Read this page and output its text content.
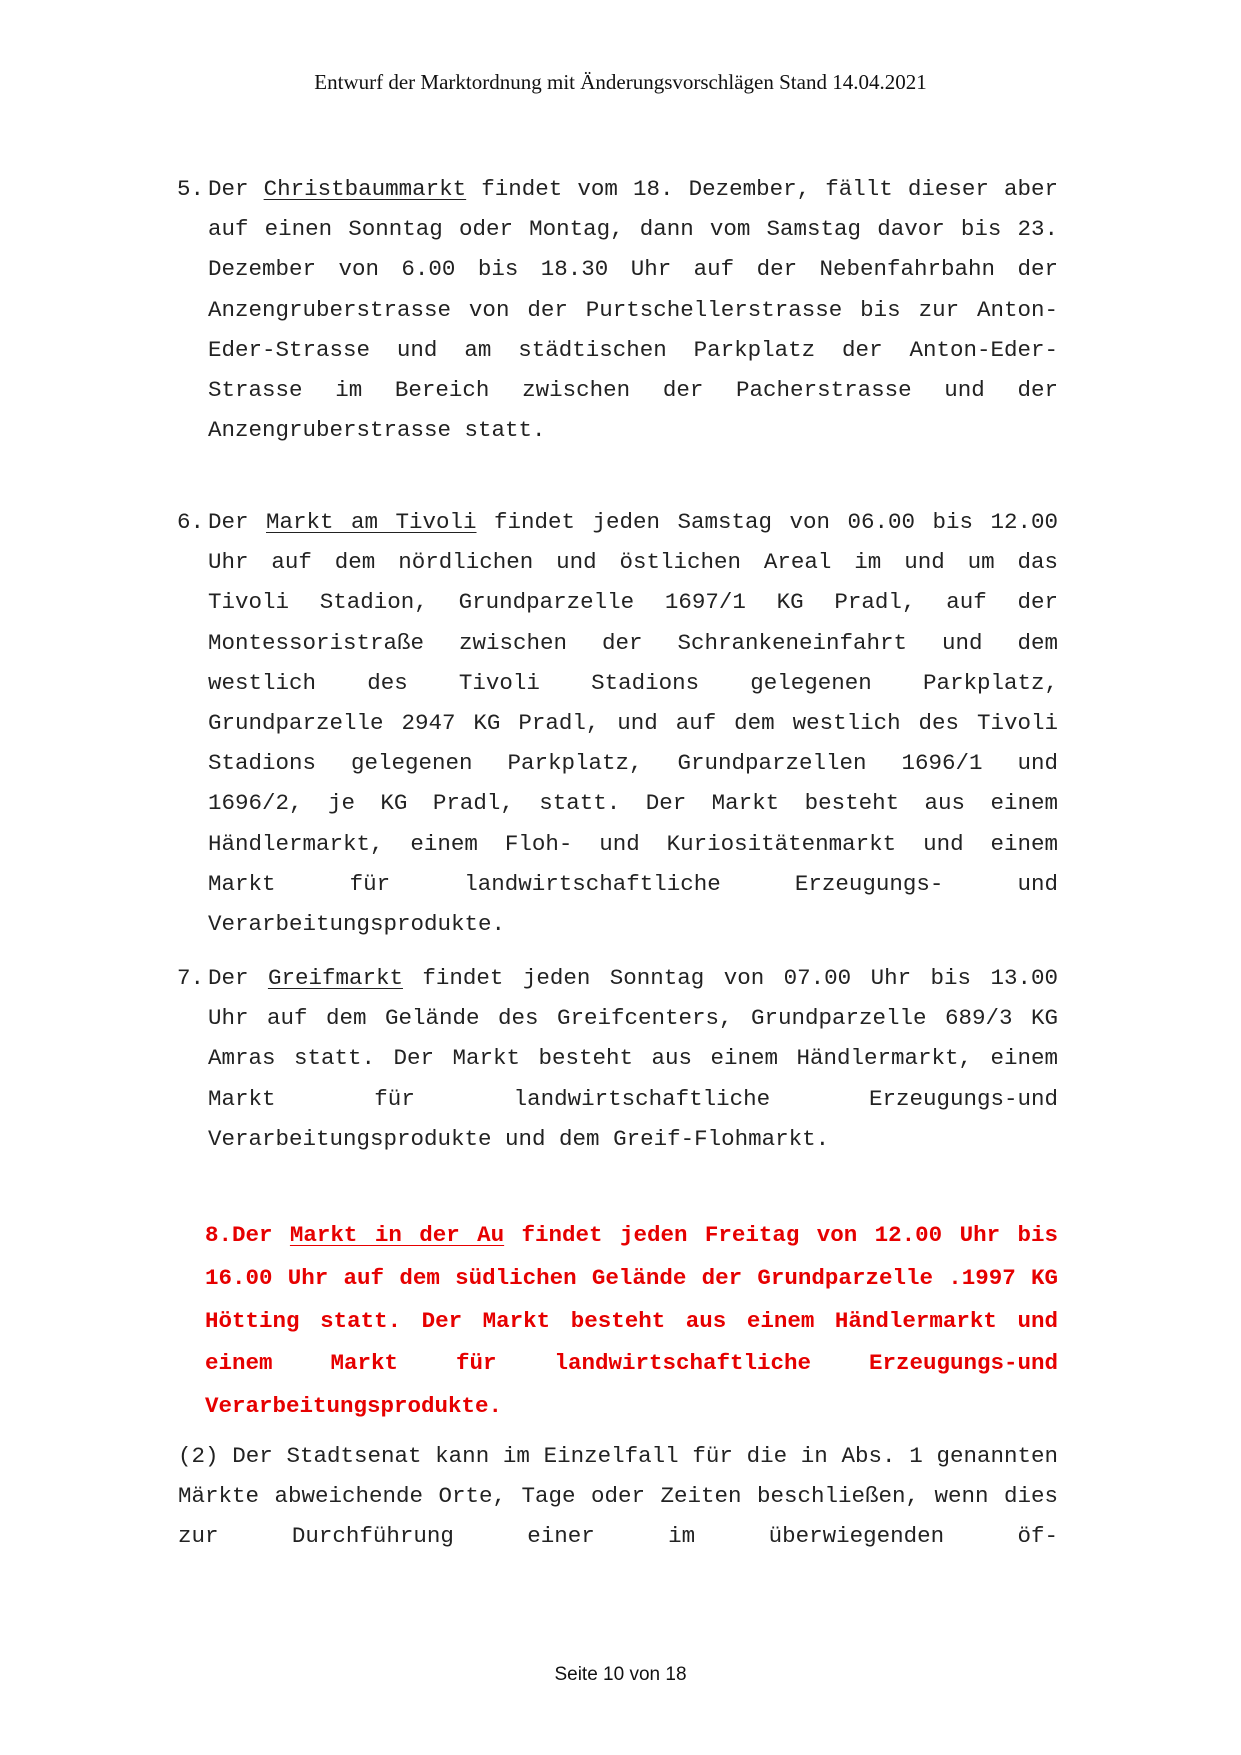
Entwurf der Marktordnung mit Änderungsvorschlägen Stand 14.04.2021
5. Der Christbaummarkt findet vom 18. Dezember, fällt dieser aber auf einen Sonntag oder Montag, dann vom Samstag davor bis 23. Dezember von 6.00 bis 18.30 Uhr auf der Nebenfahrbahn der Anzengruberstrasse von der Purtschellerstrasse bis zur Anton-Eder-Strasse und am städtischen Parkplatz der Anton-Eder-Strasse im Bereich zwischen der Pacherstrasse und der Anzengruberstrasse statt.
6. Der Markt am Tivoli findet jeden Samstag von 06.00 bis 12.00 Uhr auf dem nördlichen und östlichen Areal im und um das Tivoli Stadion, Grundparzelle 1697/1 KG Pradl, auf der Montessoristraße zwischen der Schrankeneinfahrt und dem westlich des Tivoli Stadions gelegenen Parkplatz, Grundparzelle 2947 KG Pradl, und auf dem westlich des Tivoli Stadions gelegenen Parkplatz, Grundparzellen 1696/1 und 1696/2, je KG Pradl, statt. Der Markt besteht aus einem Händlermarkt, einem Floh- und Kuriositätenmarkt und einem Markt für landwirtschaftliche Erzeugungs- und Verarbeitungsprodukte.
7. Der Greifmarkt findet jeden Sonntag von 07.00 Uhr bis 13.00 Uhr auf dem Gelände des Greifcenters, Grundparzelle 689/3 KG Amras statt. Der Markt besteht aus einem Händlermarkt, einem Markt für landwirtschaftliche Erzeugungs-und Verarbeitungsprodukte und dem Greif-Flohmarkt.
8.Der Markt in der Au findet jeden Freitag von 12.00 Uhr bis 16.00 Uhr auf dem südlichen Gelände der Grundparzelle .1997 KG Hötting statt. Der Markt besteht aus einem Händlermarkt und einem Markt für landwirtschaftliche Erzeugungs-und Verarbeitungsprodukte.
(2) Der Stadtsenat kann im Einzelfall für die in Abs. 1 genannten Märkte abweichende Orte, Tage oder Zeiten beschließen, wenn dies zur Durchführung einer im überwiegenden öf-
Seite 10 von 18
